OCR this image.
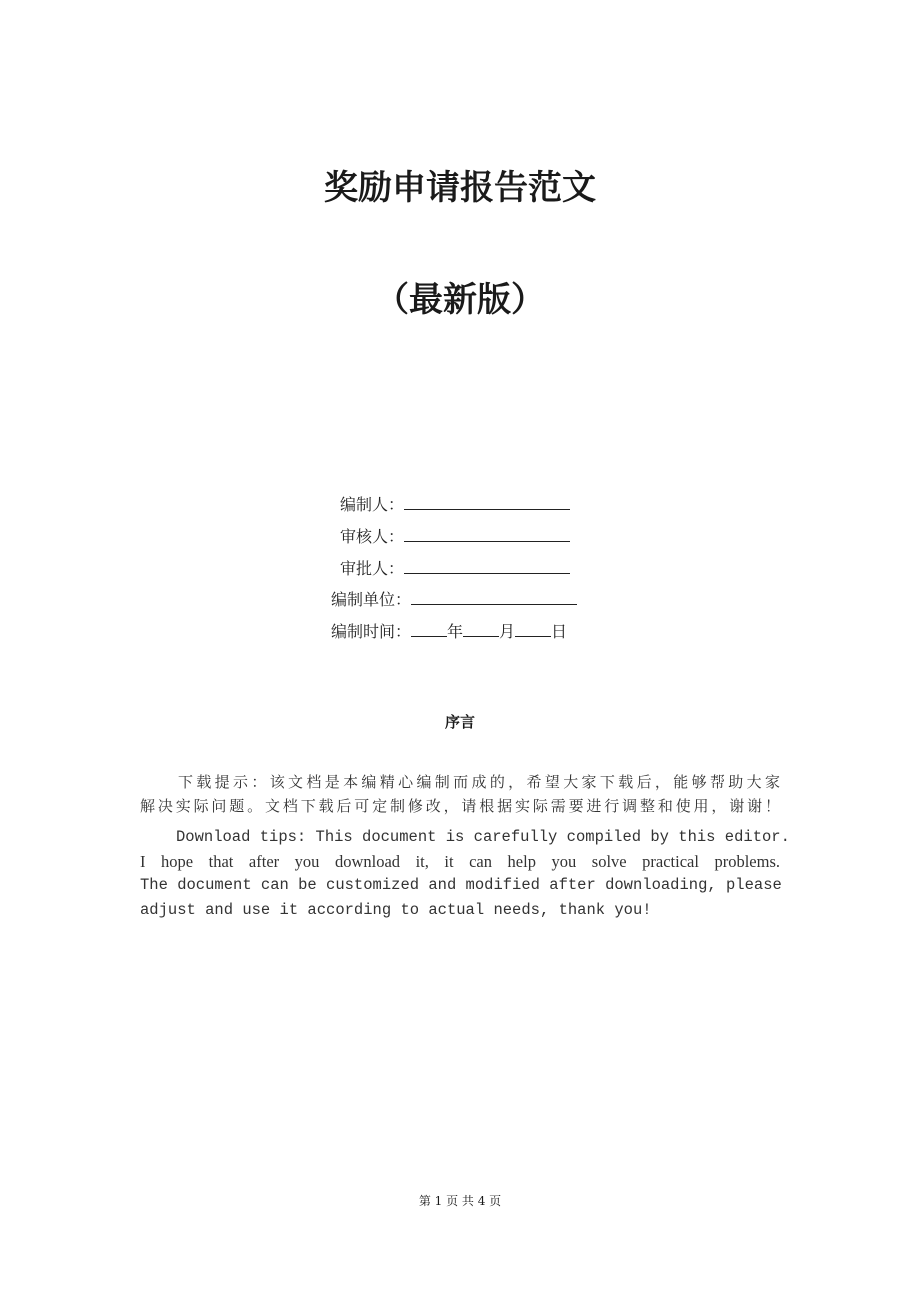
奖励申请报告范文
（最新版）
编制人：
审核人：
审批人：
编制单位：
编制时间： 年 月 日
序言
下载提示：该文档是本编精心编制而成的，希望大家下载后，能够帮助大家
解决实际问题。文档下载后可定制修改，请根据实际需要进行调整和使用，谢谢！
Download tips: This document is carefully compiled by this editor.
I hope that after you download it, it can help you solve practical problems.
The document can be customized and modified after downloading, please
adjust and use it according to actual needs, thank you!
第 1 页 共 4 页
